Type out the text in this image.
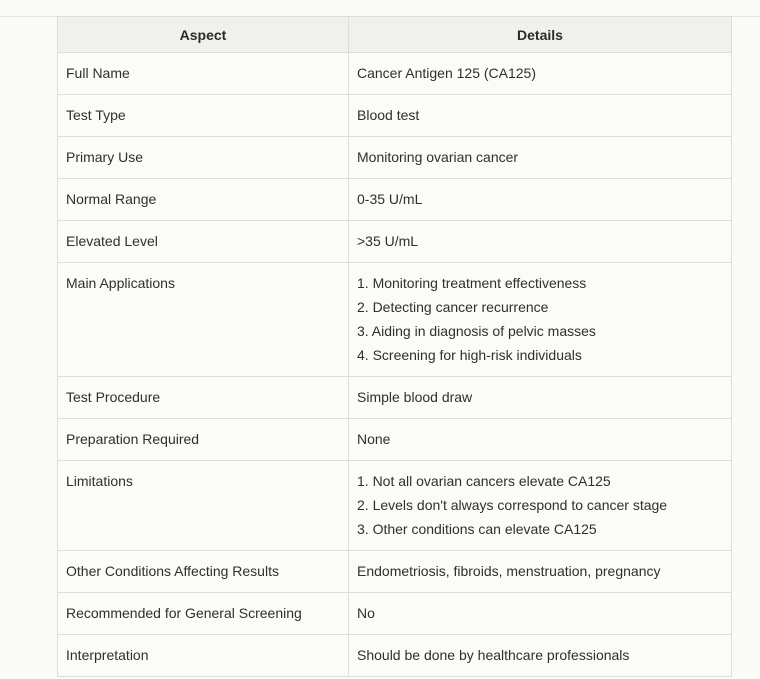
Aspect	Details
Full Name	Cancer Antigen 125 (CA125)

Test Type	Blood test

Primary Use	Monitoring ovarian cancer

Normal Range	0-35 U/mL

Elevated Level	>35 U/mL

Main Applications	1. Monitoring treatment effectiveness
2. Detecting cancer recurrence
3. Aiding in diagnosis of pelvic masses
4. Screening for high-risk individuals

Test Procedure	Simple blood draw

Preparation Required	None

Limitations	1. Not all ovarian cancers elevate CA125
2. Levels don't always correspond to cancer stage
3. Other conditions can elevate CA125

Other Conditions Affecting Results	Endometriosis, fibroids, menstruation, pregnancy

Recommended for General Screening	No

Interpretation	Should be done by healthcare professionals
